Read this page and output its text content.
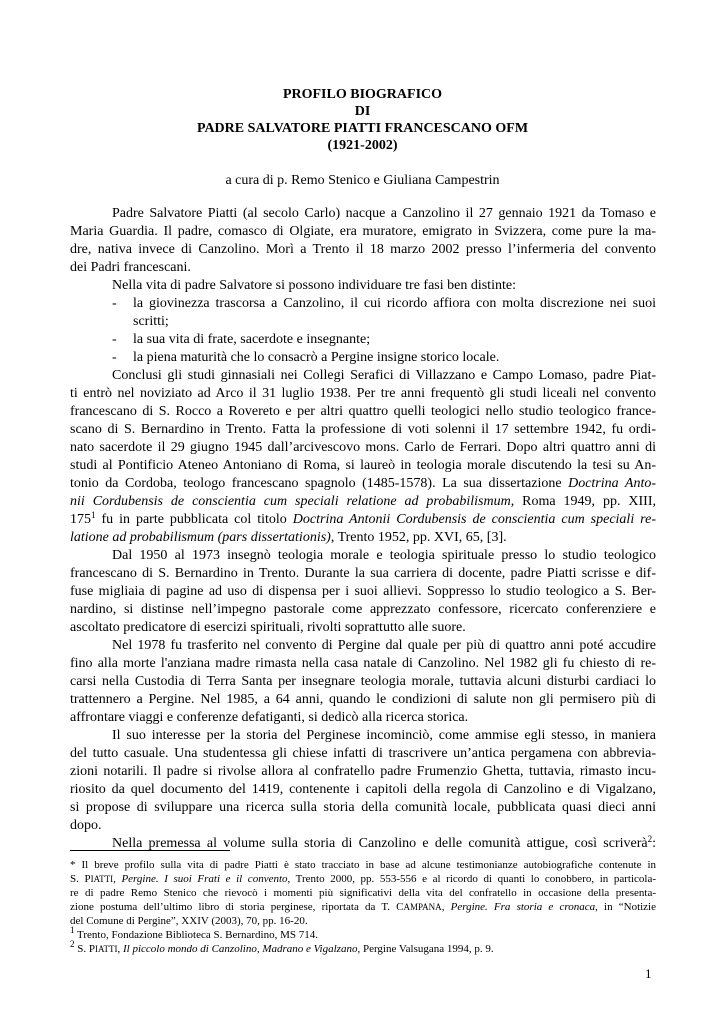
PROFILO BIOGRAFICO
DI
PADRE SALVATORE PIATTI FRANCESCANO OFM
(1921-2002)
a cura di p. Remo Stenico e Giuliana Campestrin
Padre Salvatore Piatti (al secolo Carlo) nacque a Canzolino il 27 gennaio 1921 da Tomaso e
Maria Guardia. Il padre, comasco di Olgiate, era muratore, emigrato in Svizzera, come pure la ma-
dre, nativa invece di Canzolino. Morì a Trento il 18 marzo 2002 presso l’infermeria del convento
dei Padri francescani.
Nella vita di padre Salvatore si possono individuare tre fasi ben distinte:
- la giovinezza trascorsa a Canzolino, il cui ricordo affiora con molta discrezione nei suoi
scritti;
- la sua vita di frate, sacerdote e insegnante;
- la piena maturità che lo consacrò a Pergine insigne storico locale.
Conclusi gli studi ginnasiali nei Collegi Serafici di Villazzano e Campo Lomaso, padre Piat-
ti entrò nel noviziato ad Arco il 31 luglio 1938. Per tre anni frequentò gli studi liceali nel convento
francescano di S. Rocco a Rovereto e per altri quattro quelli teologici nello studio teologico france-
scano di S. Bernardino in Trento. Fatta la professione di voti solenni il 17 settembre 1942, fu ordi-
nato sacerdote il 29 giugno 1945 dall’arcivescovo mons. Carlo de Ferrari. Dopo altri quattro anni di
studi al Pontificio Ateneo Antoniano di Roma, si laureò in teologia morale discutendo la tesi su An-
tonio da Cordoba, teologo francescano spagnolo (1485-1578). La sua dissertazione Doctrina Anto-
nii Cordubensis de conscientia cum speciali relatione ad probabilismum, Roma 1949, pp. XIII,
$175^1$ fu in parte pubblicata col titolo Doctrina Antonii Cordubensis de conscientia cum speciali re-
latione ad probabilismum (pars dissertationis), Trento 1952, pp. XVI, 65, [3].
Dal 1950 al 1973 insegnò teologia morale e teologia spirituale presso lo studio teologico
francescano di S. Bernardino in Trento. Durante la sua carriera di docente, padre Piatti scrisse e dif-
fuse migliaia di pagine ad uso di dispensa per i suoi allievi. Soppresso lo studio teologico a S. Ber-
nardino, si distinse nell’impegno pastorale come apprezzato confessore, ricercato conferenziere e
ascoltato predicatore di esercizi spirituali, rivolti soprattutto alle suore.
Nel 1978 fu trasferito nel convento di Pergine dal quale per più di quattro anni poté accudire
fino alla morte l'anziana madre rimasta nella casa natale di Canzolino. Nel 1982 gli fu chiesto di re-
carsi nella Custodia di Terra Santa per insegnare teologia morale, tuttavia alcuni disturbi cardiaci lo
trattennero a Pergine. Nel 1985, a 64 anni, quando le condizioni di salute non gli permisero più di
affrontare viaggi e conferenze defatiganti, si dedicò alla ricerca storica.
Il suo interesse per la storia del Perginese incominciò, come ammise egli stesso, in maniera
del tutto casuale. Una studentessa gli chiese infatti di trascrivere un’antica pergamena con abbrevia-
zioni notarili. Il padre si rivolse allora al confratello padre Frumenzio Ghetta, tuttavia, rimasto incu-
riosito da quel documento del 1419, contenente i capitoli della regola di Canzolino e di Vigalzano,
si propose di sviluppare una ricerca sulla storia della comunità locale, pubblicata quasi dieci anni
dopo.
Nella premessa al volume sulla storia di Canzolino e delle comunità attigue, così scriverà$^2$:
* Il breve profilo sulla vita di padre Piatti è stato tracciato in base ad alcune testimonianze autobiografiche contenute in
S. PIATTI, Pergine. I suoi Frati e il convento, Trento 2000, pp. 553-556 e al ricordo di quanti lo conobbero, in particola-
re di padre Remo Stenico che rievocò i momenti più significativi della vita del confratello in occasione della presenta-
zione postuma dell’ultimo libro di storia perginese, riportata da T. CAMPANA, Pergine. Fra storia e cronaca, in “Notizie
del Comune di Pergine”, XXIV (2003), 70, pp. 16-20.
$^1$ Trento, Fondazione Biblioteca S. Bernardino, MS 714.
$^2$ S. PIATTI, Il piccolo mondo di Canzolino, Madrano e Vigalzano, Pergine Valsugana 1994, p. 9.
1
